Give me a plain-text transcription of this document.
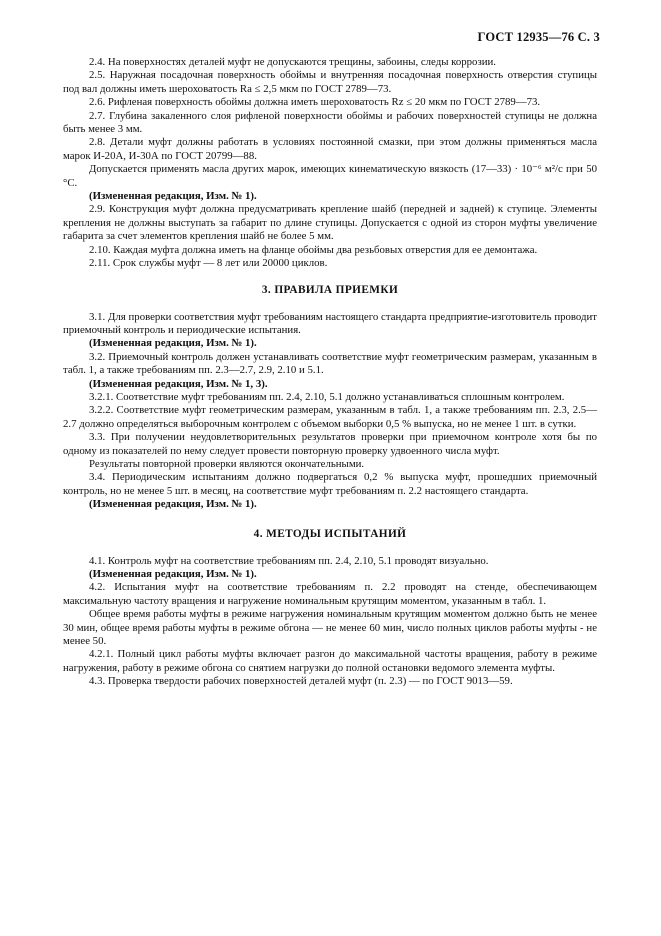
ГОСТ 12935—76 С. 3

2.4. На поверхностях деталей муфт не допускаются трещины, забоины, следы коррозии.

2.5. Наружная посадочная поверхность обоймы и внутренняя посадочная поверхность отверстия ступицы под вал должны иметь шероховатость Ra ≤ 2,5 мкм по ГОСТ 2789—73.

2.6. Рифленая поверхность обоймы должна иметь шероховатость Rz ≤ 20 мкм по ГОСТ 2789—73.

2.7. Глубина закаленного слоя рифленой поверхности обоймы и рабочих поверхностей ступицы не должна быть менее 3 мм.

2.8. Детали муфт должны работать в условиях постоянной смазки, при этом должны применяться масла марок И-20А, И-30А по ГОСТ 20799—88.

Допускается применять масла других марок, имеющих кинематическую вязкость (17—33) · 10⁻⁶ м²/с при 50 °С.

(Измененная редакция, Изм. № 1).

2.9. Конструкция муфт должна предусматривать крепление шайб (передней и задней) к ступице. Элементы крепления не должны выступать за габарит по длине ступицы. Допускается с одной из сторон муфты увеличение габарита за счет элементов крепления шайб не более 5 мм.

2.10. Каждая муфта должна иметь на фланце обоймы два резьбовых отверстия для ее демонтажа.

2.11. Срок службы муфт — 8 лет или 20000 циклов.

3. ПРАВИЛА ПРИЕМКИ

3.1. Для проверки соответствия муфт требованиям настоящего стандарта предприятие-изготовитель проводит приемочный контроль и периодические испытания.

(Измененная редакция, Изм. № 1).

3.2. Приемочный контроль должен устанавливать соответствие муфт геометрическим размерам, указанным в табл. 1, а также требованиям пп. 2.3—2.7, 2.9, 2.10 и 5.1.

(Измененная редакция, Изм. № 1, 3).

3.2.1. Соответствие муфт требованиям пп. 2.4, 2.10, 5.1 должно устанавливаться сплошным контролем.

3.2.2. Соответствие муфт геометрическим размерам, указанным в табл. 1, а также требованиям пп. 2.3, 2.5—2.7 должно определяться выборочным контролем с объемом выборки 0,5 % выпуска, но не менее 1 шт. в сутки.

3.3. При получении неудовлетворительных результатов проверки при приемочном контроле хотя бы по одному из показателей по нему следует провести повторную проверку удвоенного числа муфт.

Результаты повторной проверки являются окончательными.

3.4. Периодическим испытаниям должно подвергаться 0,2 % выпуска муфт, прошедших приемочный контроль, но не менее 5 шт. в месяц, на соответствие муфт требованиям п. 2.2 настоящего стандарта.

(Измененная редакция, Изм. № 1).

4. МЕТОДЫ ИСПЫТАНИЙ

4.1. Контроль муфт на соответствие требованиям пп. 2.4, 2.10, 5.1 проводят визуально.

(Измененная редакция, Изм. № 1).

4.2. Испытания муфт на соответствие требованиям п. 2.2 проводят на стенде, обеспечивающем максимальную частоту вращения и нагружение номинальным крутящим моментом, указанным в табл. 1.

Общее время работы муфты в режиме нагружения номинальным крутящим моментом должно быть не менее 30 мин, общее время работы муфты в режиме обгона — не менее 60 мин, число полных циклов работы муфты - не менее 50.

4.2.1. Полный цикл работы муфты включает разгон до максимальной частоты вращения, работу в режиме нагружения, работу в режиме обгона со снятием нагрузки до полной остановки ведомого элемента муфты.

4.3. Проверка твердости рабочих поверхностей деталей муфт (п. 2.3) — по ГОСТ 9013—59.
